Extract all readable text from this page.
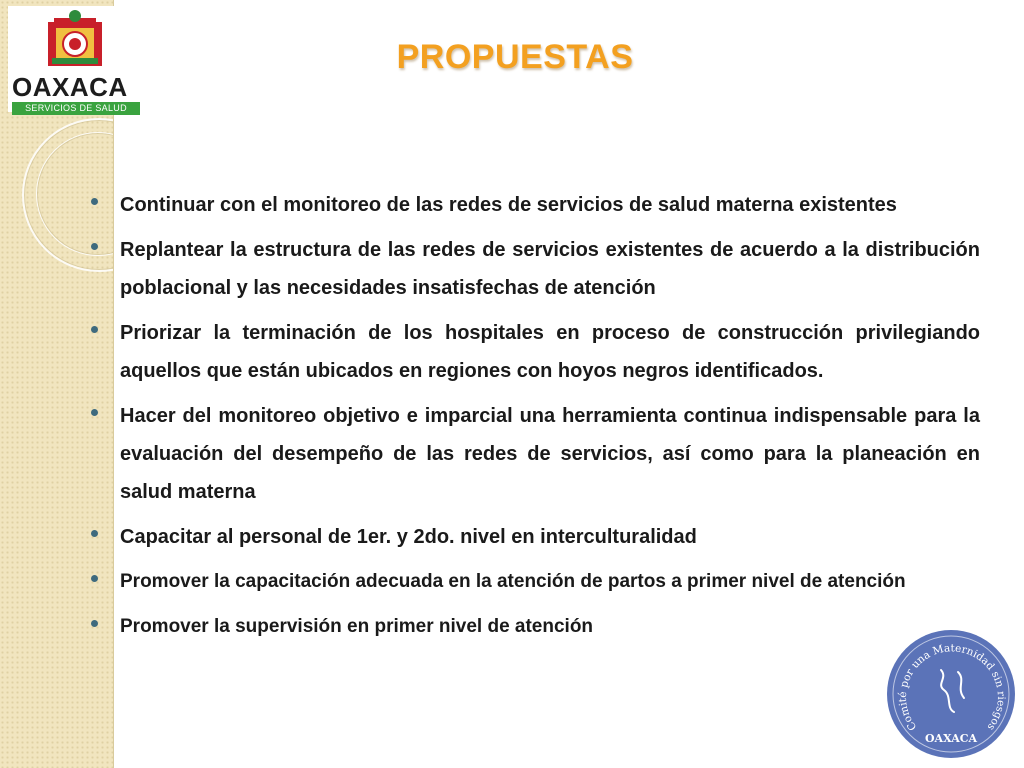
OAXACA
SERVICIOS DE SALUD
PROPUESTAS
Continuar con el monitoreo de las redes de servicios de salud materna existentes
Replantear la estructura de las redes de servicios existentes de acuerdo a la distribución poblacional y las necesidades insatisfechas de atención
Priorizar la terminación de los hospitales en proceso de construcción privilegiando aquellos que están ubicados en regiones con hoyos negros identificados.
Hacer del monitoreo objetivo e imparcial una herramienta continua indispensable para la evaluación del desempeño de las redes de servicios, así como para la planeación en salud materna
Capacitar al personal de 1er. y 2do. nivel en interculturalidad
Promover la capacitación adecuada en la atención de partos a primer nivel de atención
Promover la supervisión en primer nivel de atención
Comité por una Maternidad sin riesgos
OAXACA
